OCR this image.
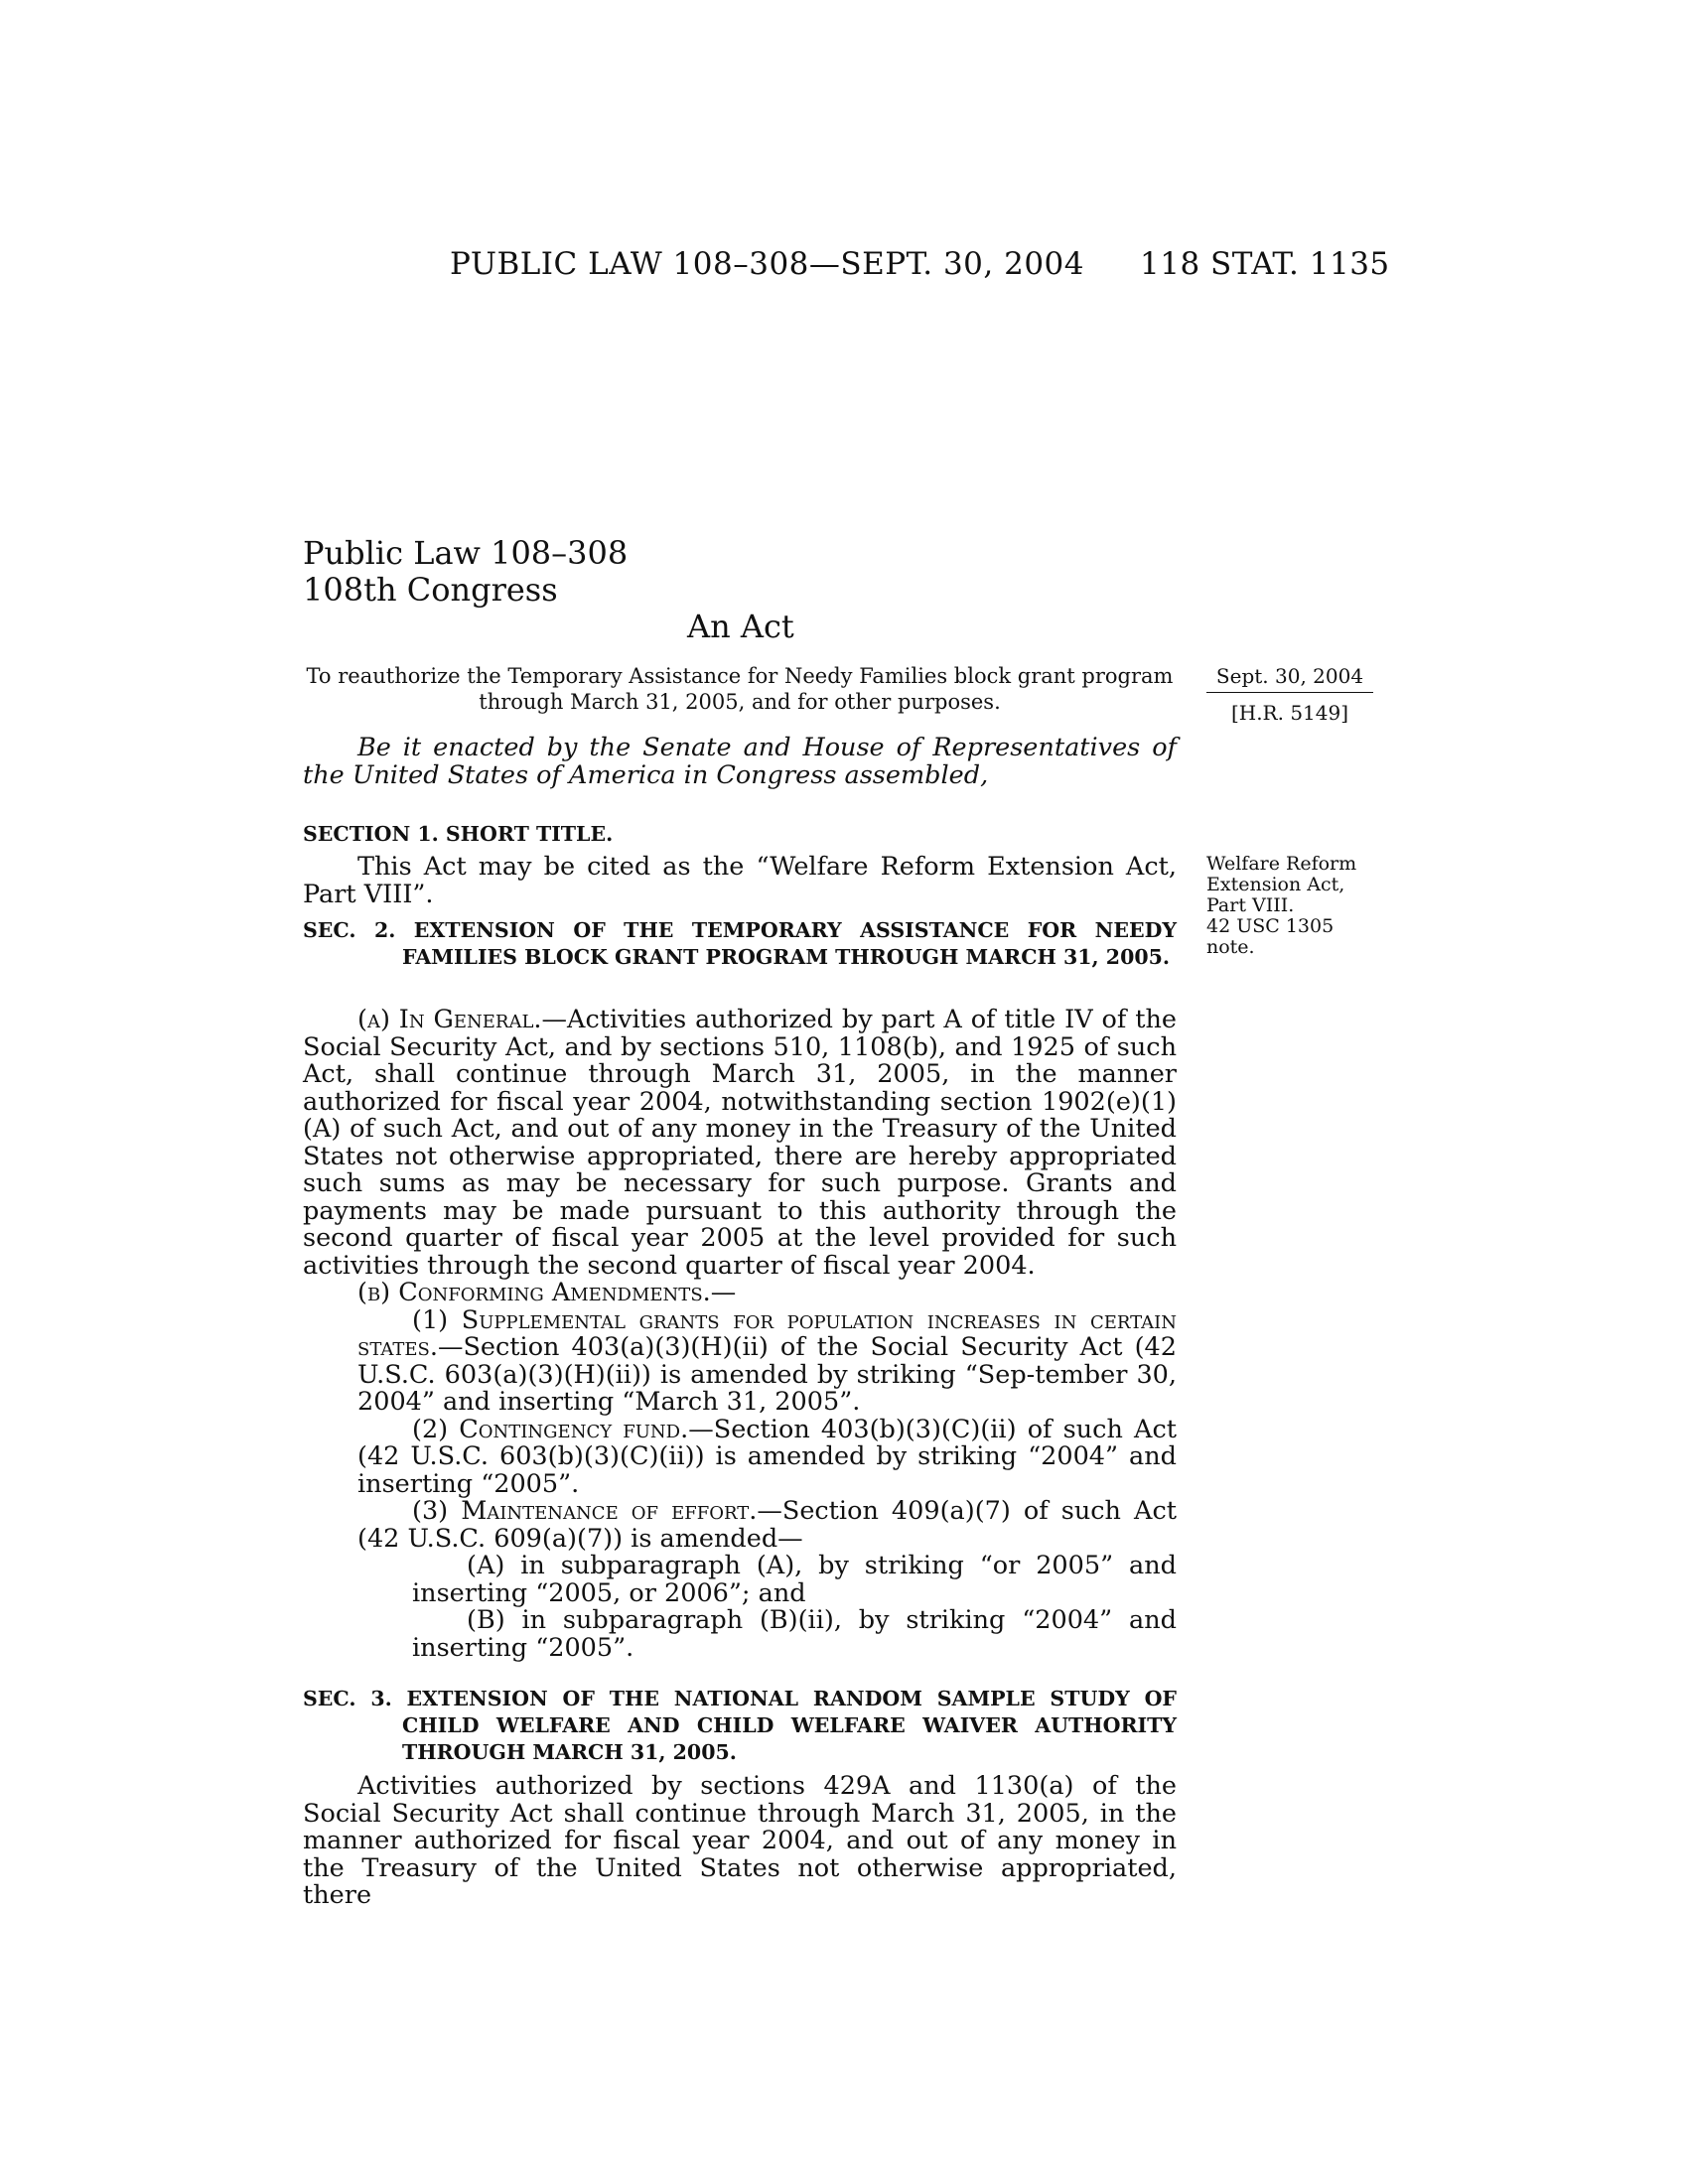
PUBLIC LAW 108–308—SEPT. 30, 2004 118 STAT. 1135
Public Law 108–308
108th Congress
An Act
To reauthorize the Temporary Assistance for Needy Families block grant program through March 31, 2005, and for other purposes.
Sept. 30, 2004
[H.R. 5149]
Welfare Reform
Extension Act,
Part VIII.
42 USC 1305
note.

Be it enacted by the Senate and House of Representatives of the United States of America in Congress assembled,

SECTION 1. SHORT TITLE.

This Act may be cited as the “Welfare Reform Extension Act, Part VIII”.

SEC. 2. EXTENSION OF THE TEMPORARY ASSISTANCE FOR NEEDY FAMILIES BLOCK GRANT PROGRAM THROUGH MARCH 31, 2005.

(a) In General.—Activities authorized by part A of title IV of the Social Security Act, and by sections 510, 1108(b), and 1925 of such Act, shall continue through March 31, 2005, in the manner authorized for fiscal year 2004, notwithstanding section 1902(e)(1)(A) of such Act, and out of any money in the Treasury of the United States not otherwise appropriated, there are hereby appropriated such sums as may be necessary for such purpose. Grants and payments may be made pursuant to this authority through the second quarter of fiscal year 2005 at the level provided for such activities through the second quarter of fiscal year 2004.

(b) Conforming Amendments.—

(1) Supplemental grants for population increases in certain states.—Section 403(a)(3)(H)(ii) of the Social Security Act (42 U.S.C. 603(a)(3)(H)(ii)) is amended by striking “Sep-tember 30, 2004” and inserting “March 31, 2005”.

(2) Contingency fund.—Section 403(b)(3)(C)(ii) of such Act (42 U.S.C. 603(b)(3)(C)(ii)) is amended by striking “2004” and inserting “2005”.

(3) Maintenance of effort.—Section 409(a)(7) of such Act (42 U.S.C. 609(a)(7)) is amended—

(A) in subparagraph (A), by striking “or 2005” and inserting “2005, or 2006”; and

(B) in subparagraph (B)(ii), by striking “2004” and inserting “2005”.

SEC. 3. EXTENSION OF THE NATIONAL RANDOM SAMPLE STUDY OF CHILD WELFARE AND CHILD WELFARE WAIVER AUTHORITY THROUGH MARCH 31, 2005.

Activities authorized by sections 429A and 1130(a) of the Social Security Act shall continue through March 31, 2005, in the manner authorized for fiscal year 2004, and out of any money in the Treasury of the United States not otherwise appropriated, there
